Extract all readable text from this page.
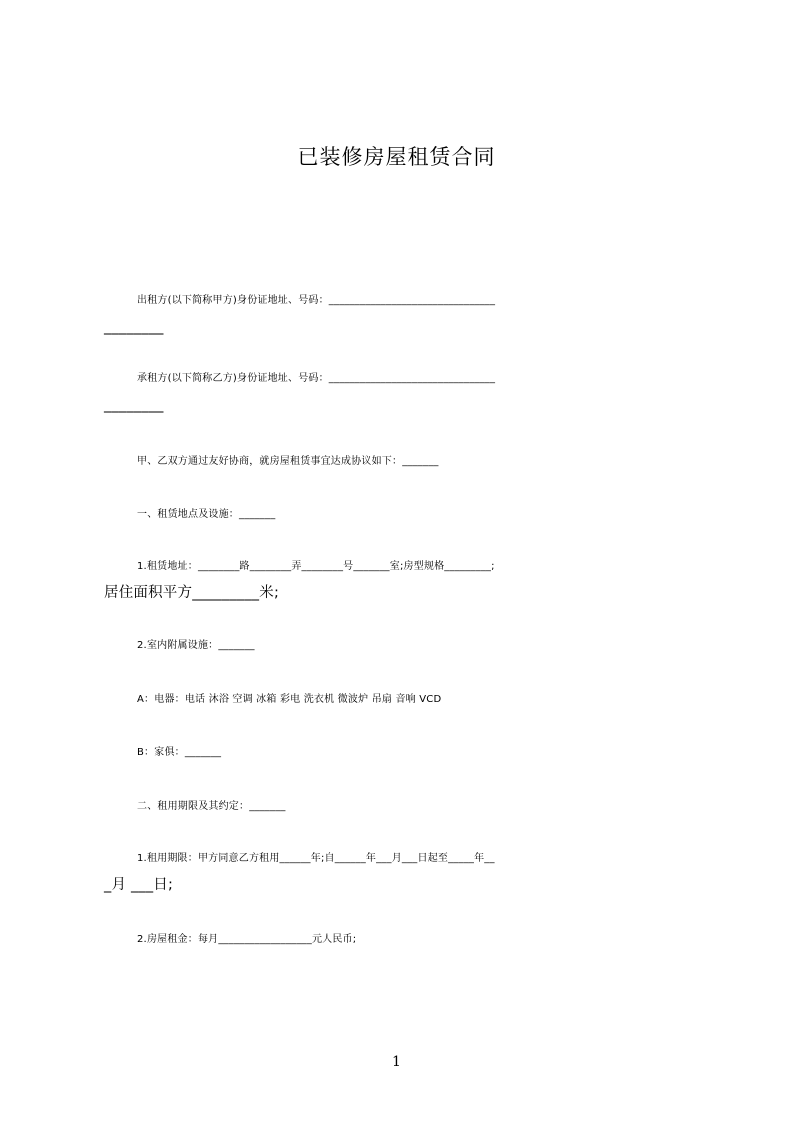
已装修房屋租赁合同
出租方(以下简称甲方)身份证地址、号码：________________________________
________
承租方(以下简称乙方)身份证地址、号码：________________________________
________
甲、乙双方通过友好协商，就房屋租赁事宜达成协议如下：_______
一、租赁地点及设施：_______
1.租赁地址：________路________弄________号_______室;房型规格_________;
居住面积平方_________米;
2.室内附属设施：_______
A：电器：电话 沐浴 空调 冰箱 彩电 洗衣机 微波炉 吊扇 音响 VCD
B：家俱：_______
二、租用期限及其约定：_______
1.租用期限：甲方同意乙方租用______年;自______年___月___日起至_____年__
_月 ___日;
2.房屋租金：每月__________________元人民币;
1
